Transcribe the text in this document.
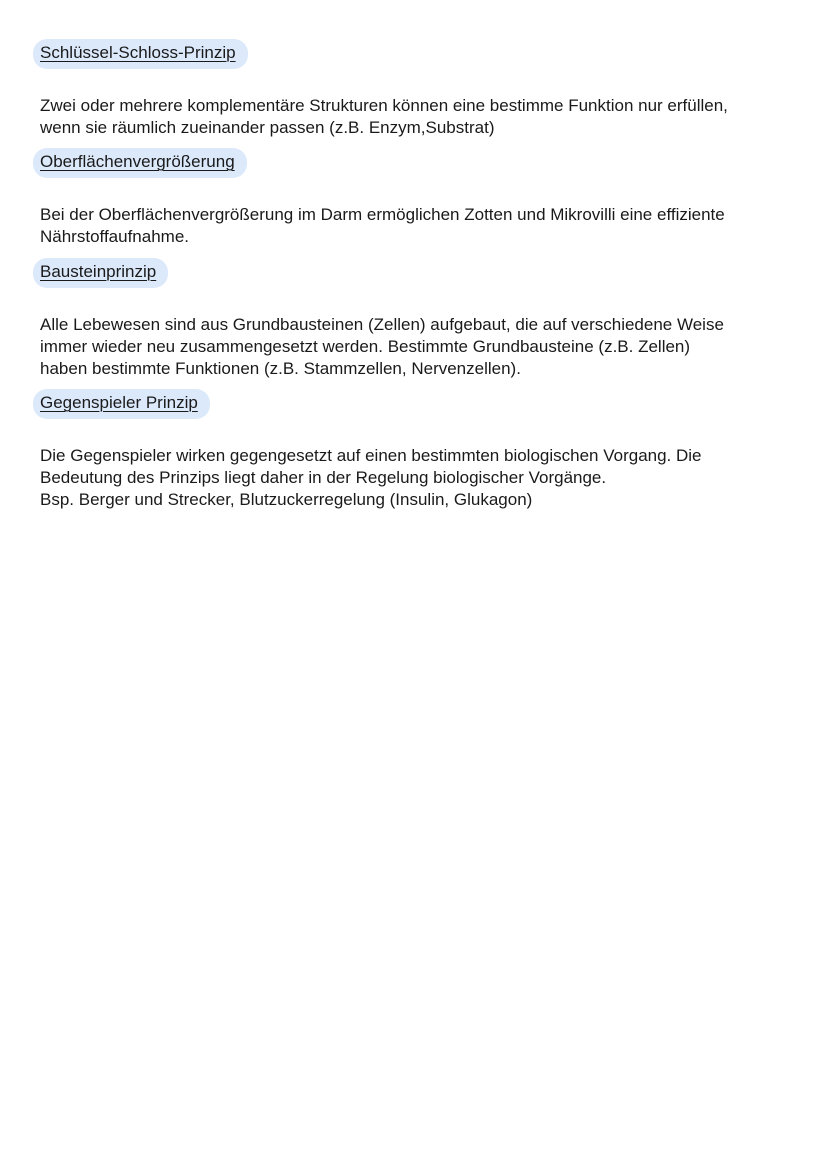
Schlüssel-Schloss-Prinzip

Zwei oder mehrere komplementäre Strukturen können eine bestimme Funktion nur erfüllen,
wenn sie räumlich zueinander passen (z.B. Enzym,Substrat)

Oberflächenvergrößerung

Bei der Oberflächenvergrößerung im Darm ermöglichen Zotten und Mikrovilli eine effiziente
Nährstoffaufnahme.

Bausteinprinzip

Alle Lebewesen sind aus Grundbausteinen (Zellen) aufgebaut, die auf verschiedene Weise
immer wieder neu zusammengesetzt werden. Bestimmte Grundbausteine (z.B. Zellen)
haben bestimmte Funktionen (z.B. Stammzellen, Nervenzellen).

Gegenspieler Prinzip

Die Gegenspieler wirken gegengesetzt auf einen bestimmten biologischen Vorgang. Die
Bedeutung des Prinzips liegt daher in der Regelung biologischer Vorgänge.
Bsp. Berger und Strecker, Blutzuckerregelung (Insulin, Glukagon)
